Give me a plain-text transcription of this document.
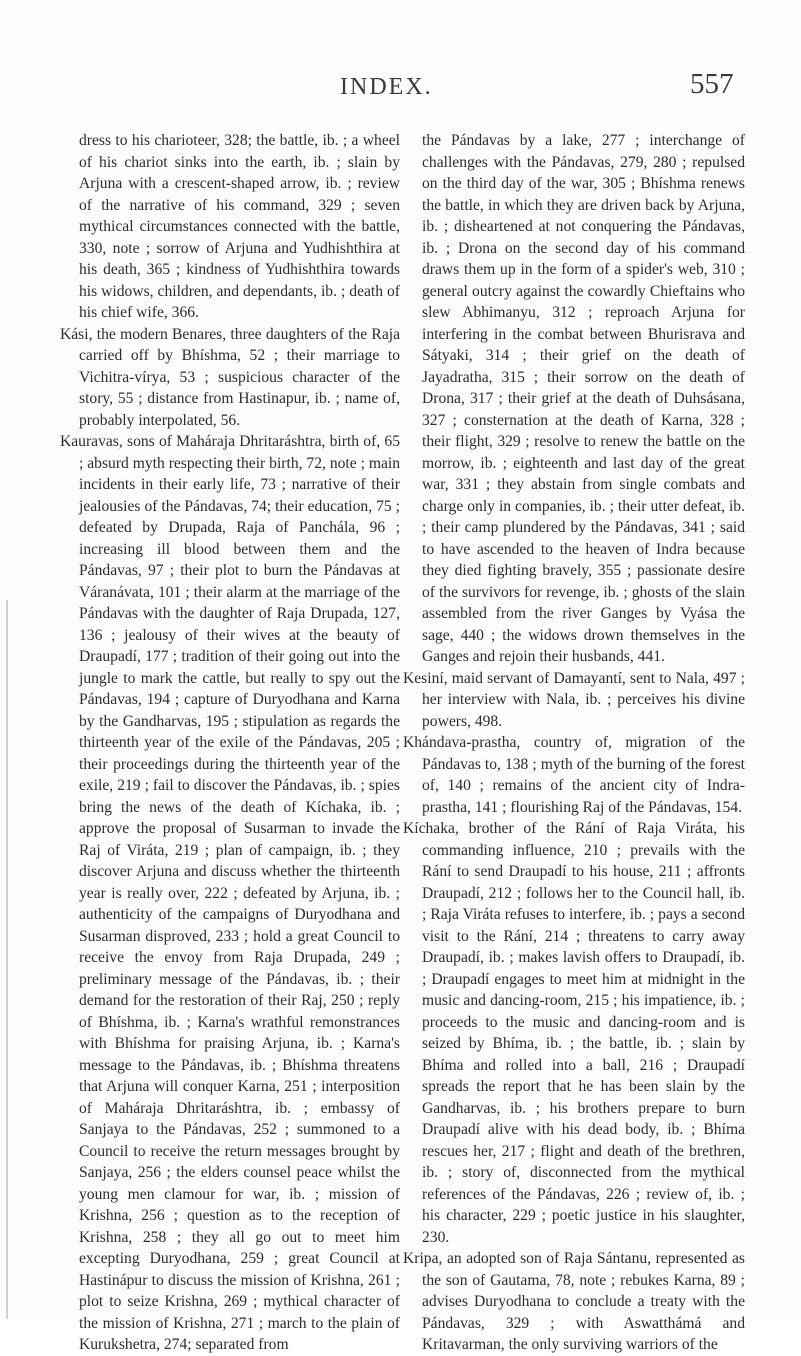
INDEX.	557

dress to his charioteer, 328; the battle, ib. ; a wheel of his chariot sinks into the earth, ib. ; slain by Arjuna with a crescent-shaped arrow, ib. ; review of the narrative of his command, 329 ; seven mythical circumstances connected with the battle, 330, note ; sorrow of Arjuna and Yudhishthira at his death, 365 ; kindness of Yudhishthira towards his widows, children, and dependants, ib. ; death of his chief wife, 366.

Kási, the modern Benares, three daughters of the Raja carried off by Bhíshma, 52 ; their marriage to Vichitra-vírya, 53 ; suspicious character of the story, 55 ; distance from Hastinapur, ib. ; name of, probably interpolated, 56.

Kauravas, sons of Maháraja Dhritaráshtra, birth of, 65 ; absurd myth respecting their birth, 72, note ; main incidents in their early life, 73 ; narrative of their jealousies of the Pándavas, 74; their education, 75 ; defeated by Drupada, Raja of Panchála, 96 ; increasing ill blood between them and the Pándavas, 97 ; their plot to burn the Pándavas at Váranávata, 101 ; their alarm at the marriage of the Pándavas with the daughter of Raja Drupada, 127, 136 ; jealousy of their wives at the beauty of Draupadí, 177 ; tradition of their going out into the jungle to mark the cattle, but really to spy out the Pándavas, 194 ; capture of Duryodhana and Karna by the Gandharvas, 195 ; stipulation as regards the thirteenth year of the exile of the Pándavas, 205 ; their proceedings during the thirteenth year of the exile, 219 ; fail to discover the Pándavas, ib. ; spies bring the news of the death of Kíchaka, ib. ; approve the proposal of Susarman to invade the Raj of Viráta, 219 ; plan of campaign, ib. ; they discover Arjuna and discuss whether the thirteenth year is really over, 222 ; defeated by Arjuna, ib. ; authenticity of the campaigns of Duryodhana and Susarman disproved, 233 ; hold a great Council to receive the envoy from Raja Drupada, 249 ; preliminary message of the Pándavas, ib. ; their demand for the restoration of their Raj, 250 ; reply of Bhíshma, ib. ; Karna's wrathful remonstrances with Bhíshma for praising Arjuna, ib. ; Karna's message to the Pándavas, ib. ; Bhíshma threatens that Arjuna will conquer Karna, 251 ; interposition of Maháraja Dhritaráshtra, ib. ; embassy of Sanjaya to the Pándavas, 252 ; summoned to a Council to receive the return messages brought by Sanjaya, 256 ; the elders counsel peace whilst the young men clamour for war, ib. ; mission of Krishna, 256 ; question as to the reception of Krishna, 258 ; they all go out to meet him excepting Duryodhana, 259 ; great Council at Hastinápur to discuss the mission of Krishna, 261 ; plot to seize Krishna, 269 ; mythical character of the mission of Krishna, 271 ; march to the plain of Kurukshetra, 274; separated from

the Pándavas by a lake, 277 ; interchange of challenges with the Pándavas, 279, 280 ; repulsed on the third day of the war, 305 ; Bhíshma renews the battle, in which they are driven back by Arjuna, ib. ; disheartened at not conquering the Pándavas, ib. ; Drona on the second day of his command draws them up in the form of a spider's web, 310 ; general outcry against the cowardly Chieftains who slew Abhimanyu, 312 ; reproach Arjuna for interfering in the combat between Bhurisrava and Sátyaki, 314 ; their grief on the death of Jayadratha, 315 ; their sorrow on the death of Drona, 317 ; their grief at the death of Duhsásana, 327 ; consternation at the death of Karna, 328 ; their flight, 329 ; resolve to renew the battle on the morrow, ib. ; eighteenth and last day of the great war, 331 ; they abstain from single combats and charge only in companies, ib. ; their utter defeat, ib. ; their camp plundered by the Pándavas, 341 ; said to have ascended to the heaven of Indra because they died fighting bravely, 355 ; passionate desire of the survivors for revenge, ib. ; ghosts of the slain assembled from the river Ganges by Vyása the sage, 440 ; the widows drown themselves in the Ganges and rejoin their husbands, 441.

Kesiní, maid servant of Damayantí, sent to Nala, 497 ; her interview with Nala, ib. ; perceives his divine powers, 498.

Khándava-prastha, country of, migration of the Pándavas to, 138 ; myth of the burning of the forest of, 140 ; remains of the ancient city of Indra-prastha, 141 ; flourishing Raj of the Pándavas, 154.

Kíchaka, brother of the Rání of Raja Viráta, his commanding influence, 210 ; prevails with the Rání to send Draupadí to his house, 211 ; affronts Draupadí, 212 ; follows her to the Council hall, ib. ; Raja Viráta refuses to interfere, ib. ; pays a second visit to the Rání, 214 ; threatens to carry away Draupadí, ib. ; makes lavish offers to Draupadí, ib. ; Draupadí engages to meet him at midnight in the music and dancing-room, 215 ; his impatience, ib. ; proceeds to the music and dancing-room and is seized by Bhíma, ib. ; the battle, ib. ; slain by Bhíma and rolled into a ball, 216 ; Draupadí spreads the report that he has been slain by the Gandharvas, ib. ; his brothers prepare to burn Draupadí alive with his dead body, ib. ; Bhíma rescues her, 217 ; flight and death of the brethren, ib. ; story of, disconnected from the mythical references of the Pándavas, 226 ; review of, ib. ; his character, 229 ; poetic justice in his slaughter, 230.

Kripa, an adopted son of Raja Sántanu, represented as the son of Gautama, 78, note ; rebukes Karna, 89 ; advises Duryodhana to conclude a treaty with the Pándavas, 329 ; with Aswatthámá and Kritavarman, the only surviving warriors of the
